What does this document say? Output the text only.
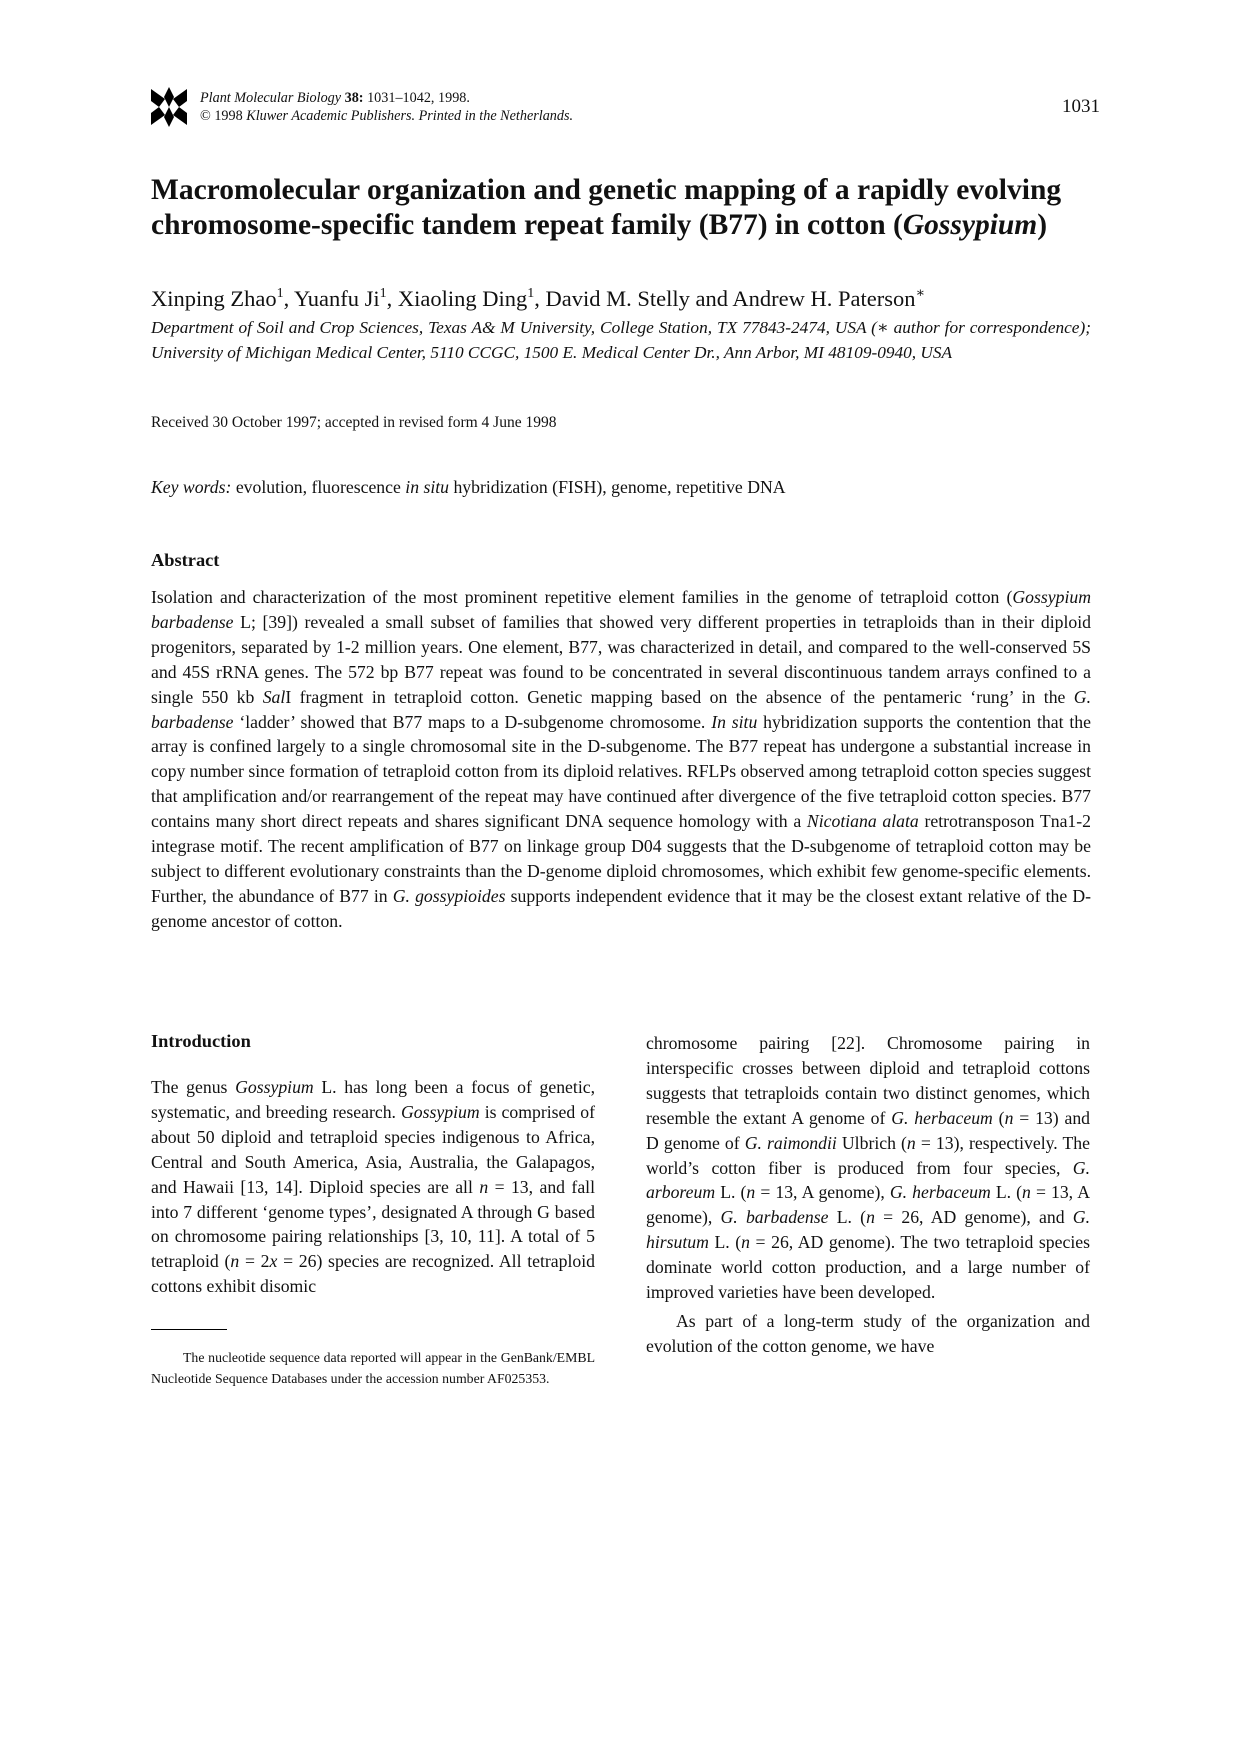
Plant Molecular Biology 38: 1031–1042, 1998.
© 1998 Kluwer Academic Publishers. Printed in the Netherlands.	1031
Macromolecular organization and genetic mapping of a rapidly evolving chromosome-specific tandem repeat family (B77) in cotton (Gossypium)
Xinping Zhao$^1$, Yuanfu Ji$^1$, Xiaoling Ding$^1$, David M. Stelly and Andrew H. Paterson∗
Department of Soil and Crop Sciences, Texas A& M University, College Station, TX 77843-2474, USA (∗ author for correspondence); University of Michigan Medical Center, 5110 CCGC, 1500 E. Medical Center Dr., Ann Arbor, MI 48109-0940, USA
Received 30 October 1997; accepted in revised form 4 June 1998
Key words: evolution, fluorescence in situ hybridization (FISH), genome, repetitive DNA
Abstract
Isolation and characterization of the most prominent repetitive element families in the genome of tetraploid cotton (Gossypium barbadense L; [39]) revealed a small subset of families that showed very different properties in tetraploids than in their diploid progenitors, separated by 1-2 million years. One element, B77, was characterized in detail, and compared to the well-conserved 5S and 45S rRNA genes. The 572 bp B77 repeat was found to be concentrated in several discontinuous tandem arrays confined to a single 550 kb SalI fragment in tetraploid cotton. Genetic mapping based on the absence of the pentameric ‘rung’ in the G. barbadense ‘ladder’ showed that B77 maps to a D-subgenome chromosome. In situ hybridization supports the contention that the array is confined largely to a single chromosomal site in the D-subgenome. The B77 repeat has undergone a substantial increase in copy number since formation of tetraploid cotton from its diploid relatives. RFLPs observed among tetraploid cotton species suggest that amplification and/or rearrangement of the repeat may have continued after divergence of the five tetraploid cotton species. B77 contains many short direct repeats and shares significant DNA sequence homology with a Nicotiana alata retrotransposon Tna1-2 integrase motif. The recent amplification of B77 on linkage group D04 suggests that the D-subgenome of tetraploid cotton may be subject to different evolutionary constraints than the D-genome diploid chromosomes, which exhibit few genome-specific elements. Further, the abundance of B77 in G. gossypioides supports independent evidence that it may be the closest extant relative of the D-genome ancestor of cotton.
Introduction
The genus Gossypium L. has long been a focus of genetic, systematic, and breeding research. Gossypium is comprised of about 50 diploid and tetraploid species indigenous to Africa, Central and South America, Asia, Australia, the Galapagos, and Hawaii [13, 14]. Diploid species are all n = 13, and fall into 7 different ‘genome types’, designated A through G based on chromosome pairing relationships [3, 10, 11]. A total of 5 tetraploid (n = 2x = 26) species are recognized. All tetraploid cottons exhibit disomic
The nucleotide sequence data reported will appear in the GenBank/EMBL Nucleotide Sequence Databases under the accession number AF025353.

chromosome pairing [22]. Chromosome pairing in interspecific crosses between diploid and tetraploid cottons suggests that tetraploids contain two distinct genomes, which resemble the extant A genome of G. herbaceum (n = 13) and D genome of G. raimondii Ulbrich (n = 13), respectively. The world’s cotton fiber is produced from four species, G. arboreum L. (n = 13, A genome), G. herbaceum L. (n = 13, A genome), G. barbadense L. (n = 26, AD genome), and G. hirsutum L. (n = 26, AD genome). The two tetraploid species dominate world cotton production, and a large number of improved varieties have been developed.

As part of a long-term study of the organization and evolution of the cotton genome, we have
